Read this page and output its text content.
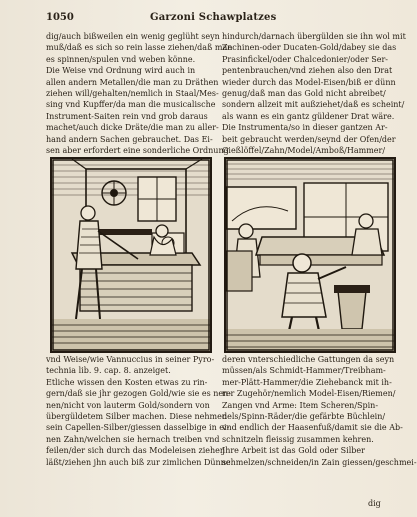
1050	Garzoni Schawplatzes
dig/auch bißweilen ein wenig geglüht seyn
muß/daß es sich so rein lasse ziehen/daß man
es spinnen/spulen vnd weben könne.
Die Weise vnd Ordnung wird auch in
allen andern Metallen/die man zu Dräthen
ziehen will/gehalten/nemlich in Staal/Mes-
sing vnd Kupffer/da man die musicalische
Instrument-Saiten rein vnd grob daraus
machet/auch dicke Dräte/die man zu aller-
hand andern Sachen gebrauchet. Das Ei-
sen aber erfordert eine sonderliche Ordnung
hindurch/darnach übergülden sie ihn wol mit
Zechinen-oder Ducaten-Gold/dabey sie das
Prasinfickel/oder Chalcedonier/oder Ser-
pentenbrauchen/vnd ziehen also den Drat
wieder durch das Model-Eisen/biß er dünn
genug/daß man das Gold nicht abreibet/
sondern allzeit mit außziehet/daß es scheint/
als wann es ein gantz güldener Drat wäre.
Die Instrumenta/so in dieser gantzen Ar-
beit gebraucht werden/seynd der Ofen/der
Gießlöffel/Zahn/Model/Amboß/Hammer/
vnd Weise/wie Vannuccius in seiner Pyro-
technia lib. 9. cap. 8. anzeiget.
Etliche wissen den Kosten etwas zu rin-
gern/daß sie jhr gezogen Gold/wie sie es nen-
nen/nicht von lauterm Gold/sondern von
übergüldetem Silber machen. Diese nehmen
sein Capellen-Silber/giessen dasselbige in ei-
nen Zahn/welchen sie hernach treiben vnd
feilen/der sich durch das Modeleisen ziehen
läßt/ziehen jhn auch biß zur zimlichen Dünne
deren vnterschiedliche Gattungen da seyn
müssen/als Schmidt-Hammer/Treibham-
mer-Plätt-Hammer/die Ziehebanck mit ih-
rer Zugehör/nemlich Model-Eisen/Riemen/
Zangen vnd Arme: Item Scheren/Spin-
dels/Spinn-Räder/die gefärbte Büchlein/
vnd endlich der Haasenfuß/damit sie die Ab-
schnitzeln fleissig zusammen kehren.
Jhre Arbeit ist das Gold oder Silber
schmelzen/schneiden/in Zain giessen/geschmei-
dig
